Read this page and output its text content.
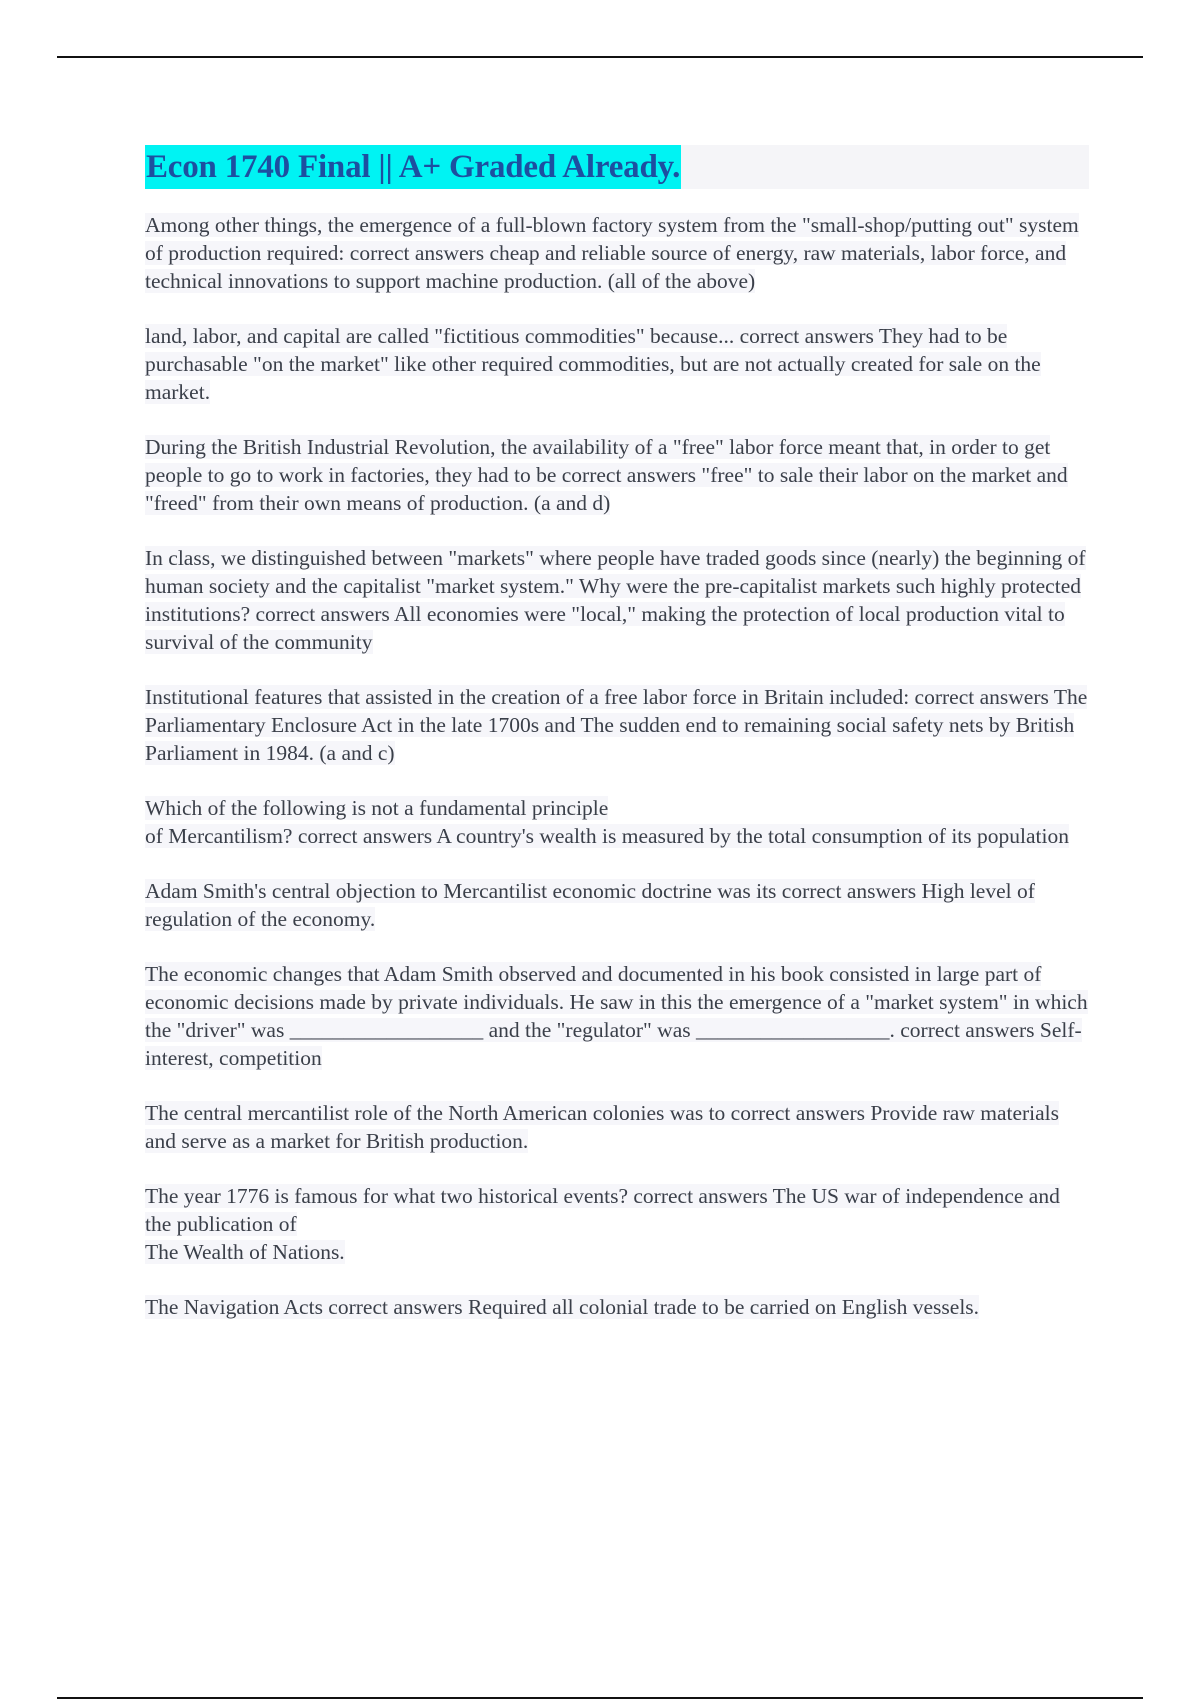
Econ 1740 Final || A+ Graded Already.

Among other things, the emergence of a full-blown factory system from the "small-shop/putting out" system of production required: correct answers cheap and reliable source of energy, raw materials, labor force, and technical innovations to support machine production. (all of the above)

land, labor, and capital are called "fictitious commodities" because... correct answers They had to be purchasable "on the market" like other required commodities, but are not actually created for sale on the market.

During the British Industrial Revolution, the availability of a "free" labor force meant that, in order to get people to go to work in factories, they had to be correct answers "free" to sale their labor on the market and "freed" from their own means of production. (a and d)

In class, we distinguished between "markets" where people have traded goods since (nearly) the beginning of human society and the capitalist "market system." Why were the pre-capitalist markets such highly protected institutions? correct answers All economies were "local," making the protection of local production vital to survival of the community

Institutional features that assisted in the creation of a free labor force in Britain included: correct answers The Parliamentary Enclosure Act in the late 1700s and The sudden end to remaining social safety nets by British Parliament in 1984. (a and c)

Which of the following is not a fundamental principle
of Mercantilism? correct answers A country's wealth is measured by the total consumption of its population

Adam Smith's central objection to Mercantilist economic doctrine was its correct answers High level of regulation of the economy.

The economic changes that Adam Smith observed and documented in his book consisted in large part of economic decisions made by private individuals. He saw in this the emergence of a "market system" in which the "driver" was __________________ and the "regulator" was __________________. correct answers Self-interest, competition

The central mercantilist role of the North American colonies was to correct answers Provide raw materials and serve as a market for British production.

The year 1776 is famous for what two historical events? correct answers The US war of independence and the publication of
The Wealth of Nations.

The Navigation Acts correct answers Required all colonial trade to be carried on English vessels.
